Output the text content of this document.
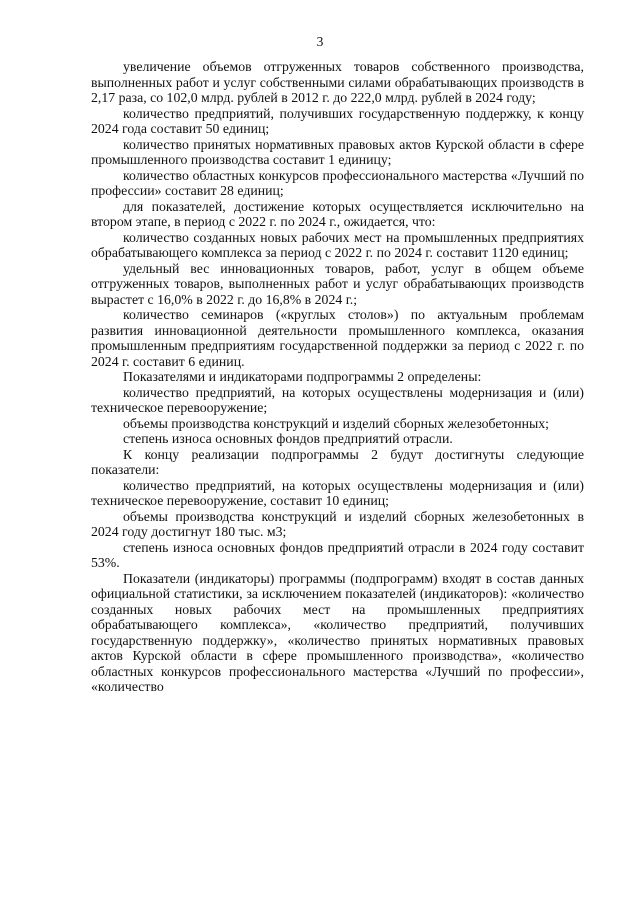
3

увеличение объемов отгруженных товаров собственного производства, выполненных работ и услуг собственными силами обрабатывающих производств в 2,17 раза, со 102,0 млрд. рублей в 2012 г. до 222,0 млрд. рублей в 2024 году;

количество предприятий, получивших государственную поддержку, к концу 2024 года составит 50 единиц;

количество принятых нормативных правовых актов Курской области в сфере промышленного производства составит 1 единицу;

количество областных конкурсов профессионального мастерства «Лучший по профессии» составит 28 единиц;

для показателей, достижение которых осуществляется исключительно на втором этапе, в период с 2022 г. по 2024 г., ожидается, что:

количество созданных новых рабочих мест на промышленных предприятиях обрабатывающего комплекса за период с 2022 г. по 2024 г. составит 1120 единиц;

удельный вес инновационных товаров, работ, услуг в общем объеме отгруженных товаров, выполненных работ и услуг обрабатывающих производств вырастет с 16,0% в 2022 г. до 16,8% в 2024 г.;

количество семинаров («круглых столов») по актуальным проблемам развития инновационной деятельности промышленного комплекса, оказания промышленным предприятиям государственной поддержки за период с 2022 г. по 2024 г. составит 6 единиц.

Показателями и индикаторами подпрограммы 2 определены:

количество предприятий, на которых осуществлены модернизация и (или) техническое перевооружение;

объемы производства конструкций и изделий сборных железобетонных;

степень износа основных фондов предприятий отрасли.

К концу реализации подпрограммы 2 будут достигнуты следующие показатели:

количество предприятий, на которых осуществлены модернизация и (или) техническое перевооружение, составит 10 единиц;

объемы производства конструкций и изделий сборных железобетонных в 2024 году достигнут 180 тыс. м3;

степень износа основных фондов предприятий отрасли в 2024 году составит 53%.

Показатели (индикаторы) программы (подпрограмм) входят в состав данных официальной статистики, за исключением показателей (индикаторов): «количество созданных новых рабочих мест на промышленных предприятиях обрабатывающего комплекса», «количество предприятий, получивших государственную поддержку», «количество принятых нормативных правовых актов Курской области в сфере промышленного производства», «количество областных конкурсов профессионального мастерства «Лучший по профессии», «количество
